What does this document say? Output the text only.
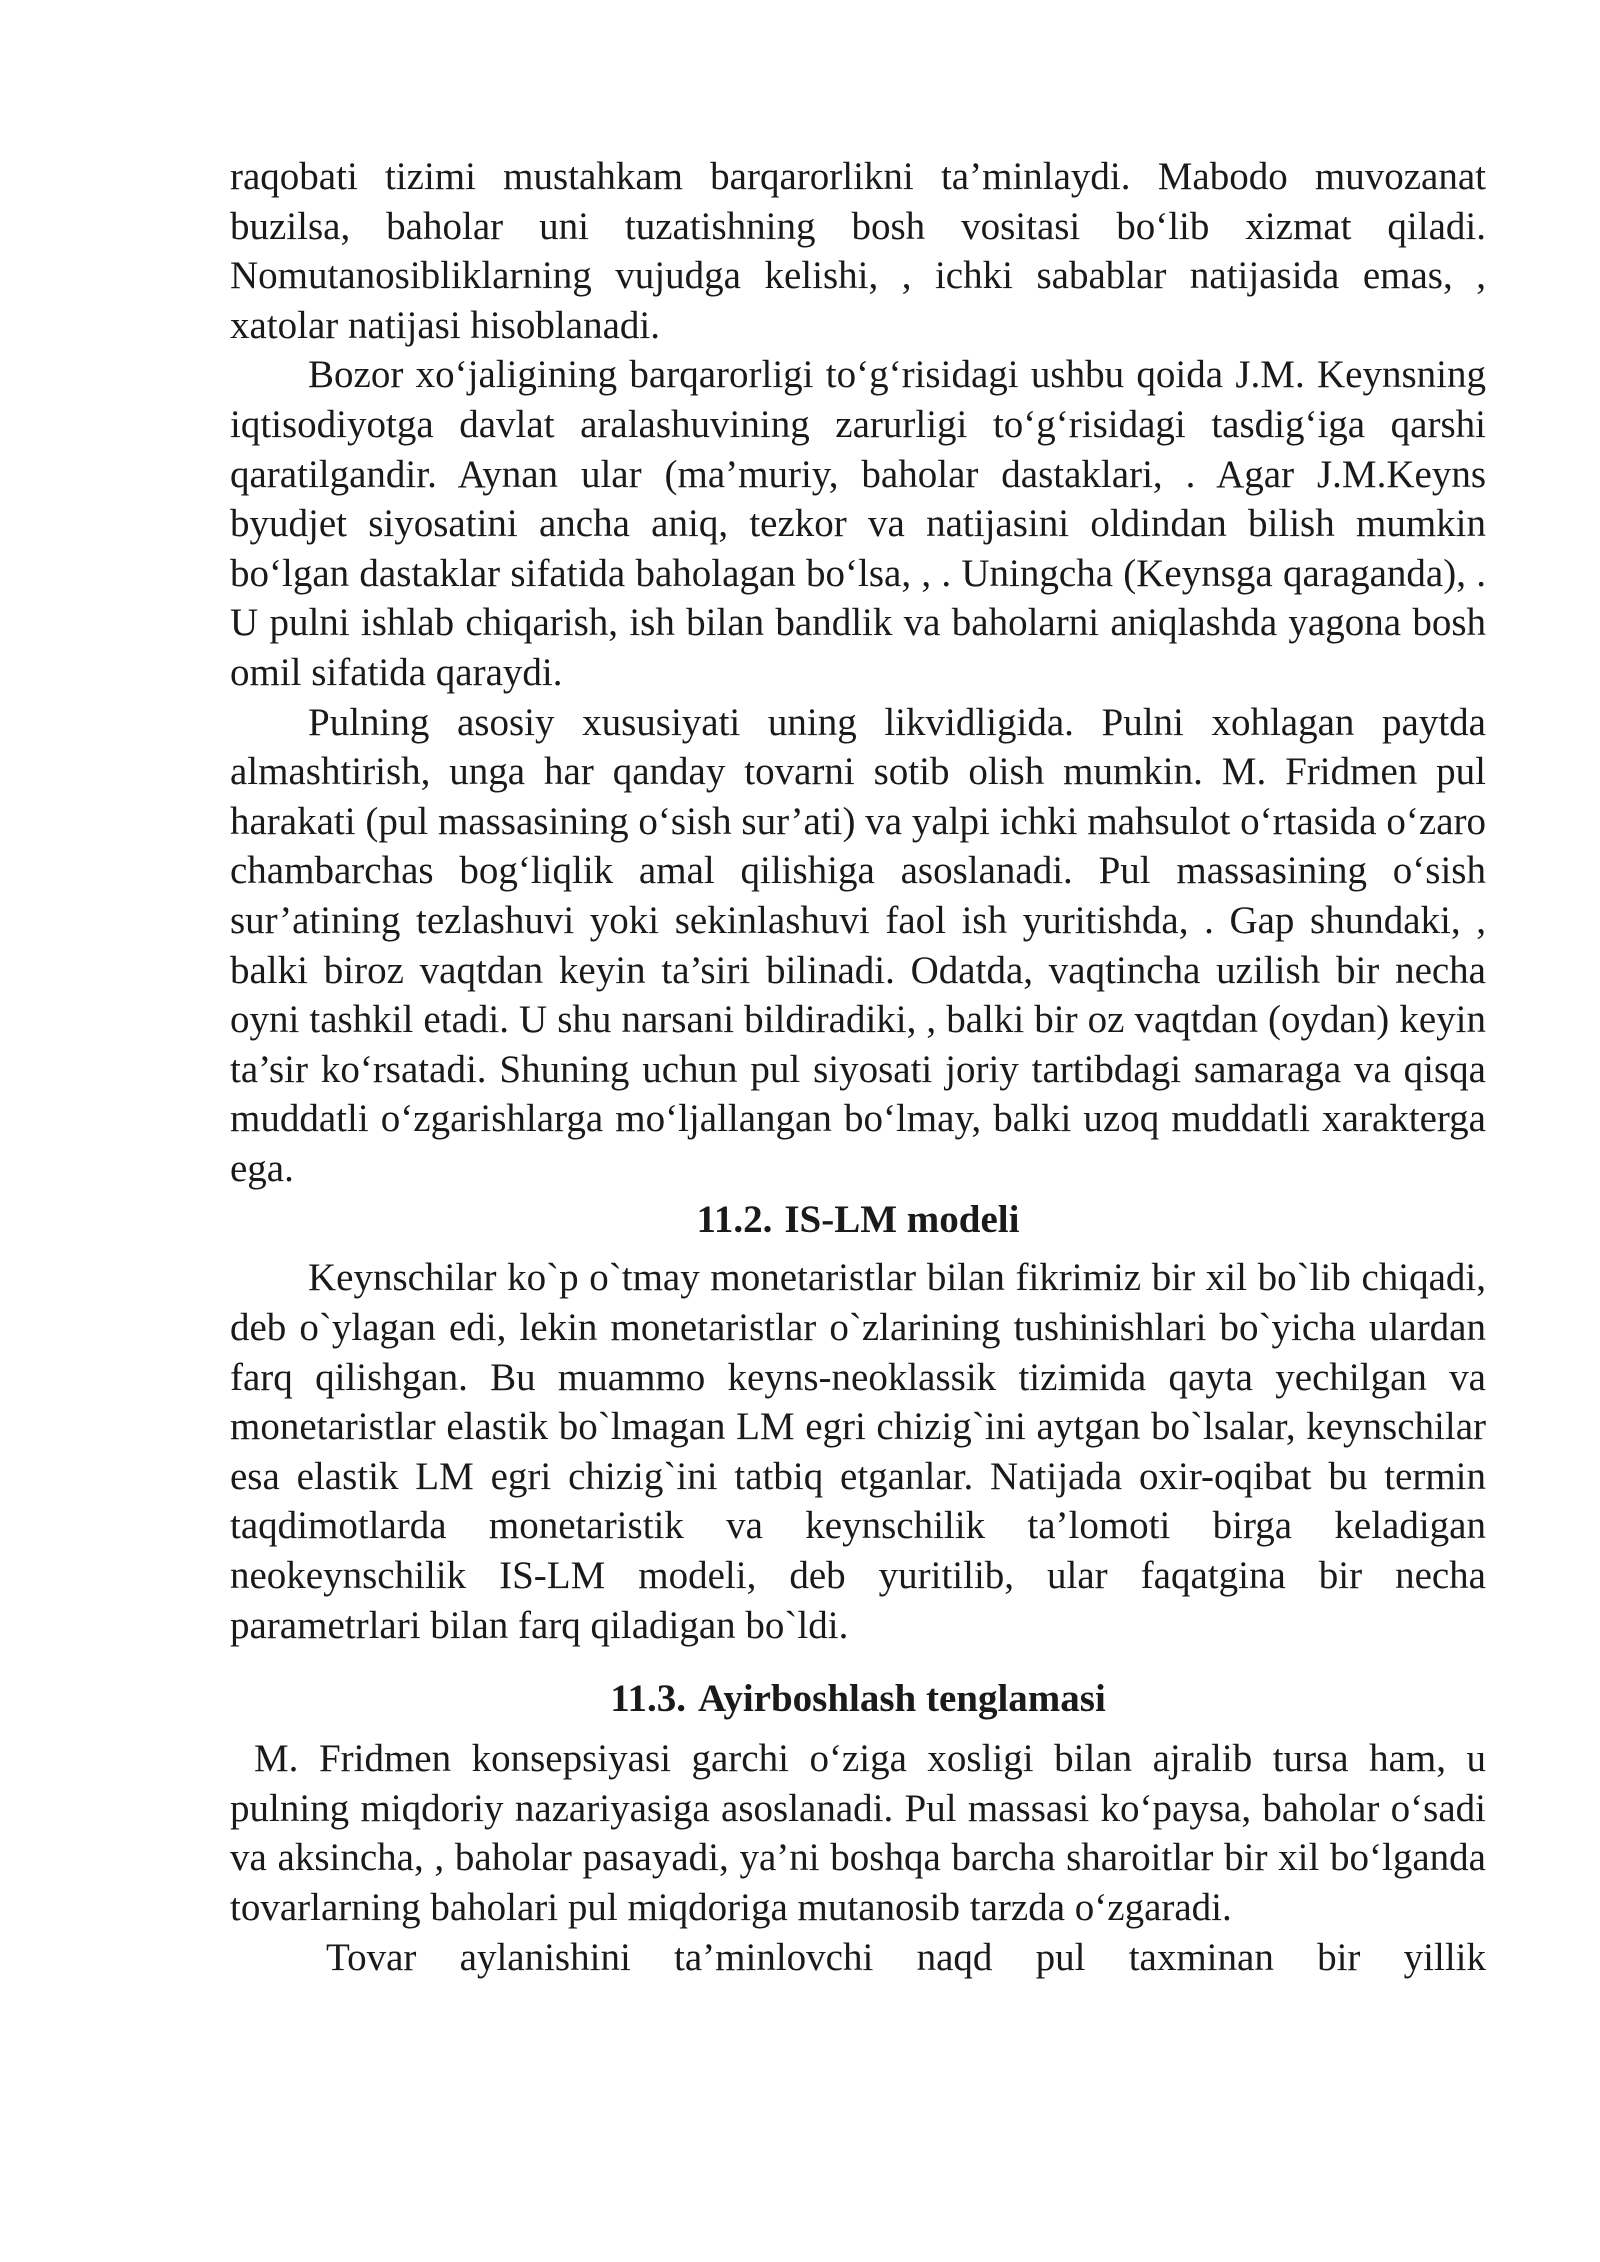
raqobati tizimi mustahkam barqarorlikni ta’minlaydi. Mabodo muvozanat buzilsa, baholar uni tuzatishning bosh vositasi bo‘lib xizmat qiladi. Nomutanosibliklarning vujudga kelishi, , ichki sabablar natijasida emas, , xatolar natijasi hisoblanadi.

Bozor xo‘jaligining barqarorligi to‘g‘risidagi ushbu qoida J.M. Keynsning iqtisodiyotga davlat aralashuvining zarurligi to‘g‘risidagi tasdig‘iga qarshi qaratilgandir. Aynan ular (ma’muriy, baholar dastaklari, . Agar J.M.Keyns byudjet siyosatini ancha aniq, tezkor va natijasini oldindan bilish mumkin bo‘lgan dastaklar sifatida baholagan bo‘lsa, , . Uningcha (Keynsga qaraganda), . U pulni ishlab chiqarish, ish bilan bandlik va baholarni aniqlashda yagona bosh omil sifatida qaraydi.

Pulning asosiy xususiyati uning likvidligida. Pulni xohlagan paytda almashtirish, unga har qanday tovarni sotib olish mumkin. M. Fridmen pul harakati (pul massasining o‘sish sur’ati) va yalpi ichki mahsulot o‘rtasida o‘zaro chambarchas bog‘liqlik amal qilishiga asoslanadi. Pul massasining o‘sish sur’atining tezlashuvi yoki sekinlashuvi faol ish yuritishda, . Gap shundaki, , balki biroz vaqtdan keyin ta’siri bilinadi. Odatda, vaqtincha uzilish bir necha oyni tashkil etadi. U shu narsani bildiradiki, , balki bir oz vaqtdan (oydan) keyin ta’sir ko‘rsatadi. Shuning uchun pul siyosati joriy tartibdagi samaraga va qisqa muddatli o‘zgarishlarga mo‘ljallangan bo‘lmay, balki uzoq muddatli xarakterga ega.

11.2. IS-LM modeli

Keynschilar ko`p o`tmay monetaristlar bilan fikrimiz bir xil bo`lib chiqadi, deb o`ylagan edi, lekin monetaristlar o`zlarining tushinishlari bo`yicha ulardan farq qilishgan. Bu muammo keyns-neoklassik tizimida qayta yechilgan va monetaristlar elastik bo`lmagan LM egri chizig`ini aytgan bo`lsalar, keynschilar esa elastik LM egri chizig`ini tatbiq etganlar. Natijada oxir-oqibat bu termin taqdimotlarda monetaristik va keynschilik ta’lomoti birga keladigan neokeynschilik IS-LM modeli, deb yuritilib, ular faqatgina bir necha parametrlari bilan farq qiladigan bo`ldi.

11.3. Ayirboshlash tenglamasi

M. Fridmen konsepsiyasi garchi o‘ziga xosligi bilan ajralib tursa ham, u pulning miqdoriy nazariyasiga asoslanadi. Pul massasi ko‘paysa, baholar o‘sadi va aksincha, , baholar pasayadi, ya’ni boshqa barcha sharoitlar bir xil bo‘lganda tovarlarning baholari pul miqdoriga mutanosib tarzda o‘zgaradi.

Tovar aylanishini ta’minlovchi naqd pul taxminan bir yillik
